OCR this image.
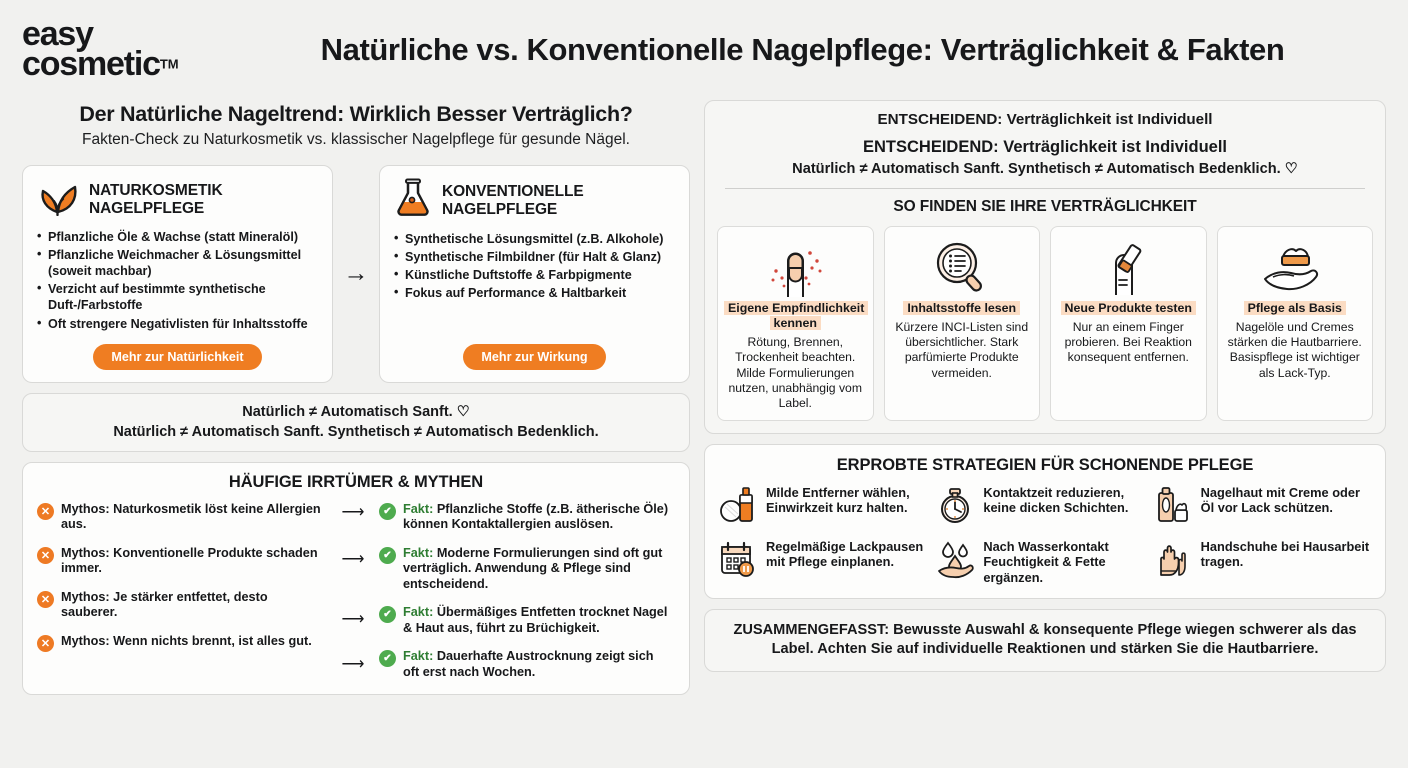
easy
cosmetic™	Natürliche vs. Konventionelle Nagelpflege: Verträglichkeit & Fakten
Der Natürliche Nageltrend: Wirklich Besser Verträglich?

Fakten-Check zu Naturkosmetik vs. klassischer Nagelpflege für gesunde Nägel.

NATURKOSMETIK NAGELPFLEGE
• Pflanzliche Öle & Wachse (statt Mineralöl)
• Pflanzliche Weichmacher & Lösungsmittel (soweit machbar)
• Verzicht auf bestimmte synthetische Duft-/Farbstoffe
• Oft strengere Negativlisten für Inhaltsstoffe
Mehr zur Natürlichkeit
→
KONVENTIONELLE NAGELPFLEGE
• Synthetische Lösungsmittel (z.B. Alkohole)
• Synthetische Filmbildner (für Halt & Glanz)
• Künstliche Duftstoffe & Farbpigmente
• Fokus auf Performance & Haltbarkeit
Mehr zur Wirkung
Natürlich ≠ Automatisch Sanft. ♡
Natürlich ≠ Automatisch Sanft. Synthetisch ≠ Automatisch Bedenklich.
HÄUFIGE IRRTÜMER & MYTHEN
✕ Mythos: Naturkosmetik löst keine Allergien aus.
✕ Mythos: Konventionelle Produkte schaden immer.
✕ Mythos: Je stärker entfettet, desto sauberer.
✕ Mythos: Wenn nichts brennt, ist alles gut.
⟶
⟶
⟶
⟶
✔ Fakt: Pflanzliche Stoffe (z.B. ätherische Öle) können Kontaktallergien auslösen.
✔ Fakt: Moderne Formulierungen sind oft gut verträglich. Anwendung & Pflege sind entscheidend.
✔ Fakt: Übermäßiges Entfetten trocknet Nagel & Haut aus, führt zu Brüchigkeit.
✔ Fakt: Dauerhafte Austrocknung zeigt sich oft erst nach Wochen.
ENTSCHEIDEND: Verträglichkeit ist Individuell
ENTSCHEIDEND: Verträglichkeit ist Individuell
Natürlich ≠ Automatisch Sanft. Synthetisch ≠ Automatisch Bedenklich. ♡
SO FINDEN SIE IHRE VERTRÄGLICHKEIT
Eigene Empfindlichkeit kennen
Rötung, Brennen, Trockenheit beachten. Milde Formulierungen nutzen, unabhängig vom Label.
Inhaltsstoffe lesen
Kürzere INCI-Listen sind übersichtlicher. Stark parfümierte Produkte vermeiden.
Neue Produkte testen
Nur an einem Finger probieren. Bei Reaktion konsequent entfernen.
Pflege als Basis
Nagelöle und Cremes stärken die Hautbarriere. Basispflege ist wichtiger als Lack-Typ.
ERPROBTE STRATEGIEN FÜR SCHONENDE PFLEGE
Milde Entferner wählen, Einwirkzeit kurz halten.
Regelmäßige Lackpausen mit Pflege einplanen.
Kontaktzeit reduzieren, keine dicken Schichten.
Nach Wasserkontakt Feuchtigkeit & Fette ergänzen.
Nagelhaut mit Creme oder Öl vor Lack schützen.
Handschuhe bei Hausarbeit tragen.

ZUSAMMENGEFASST: Bewusste Auswahl & konsequente Pflege wiegen schwerer als das Label. Achten Sie auf individuelle Reaktionen und stärken Sie die Hautbarriere.
